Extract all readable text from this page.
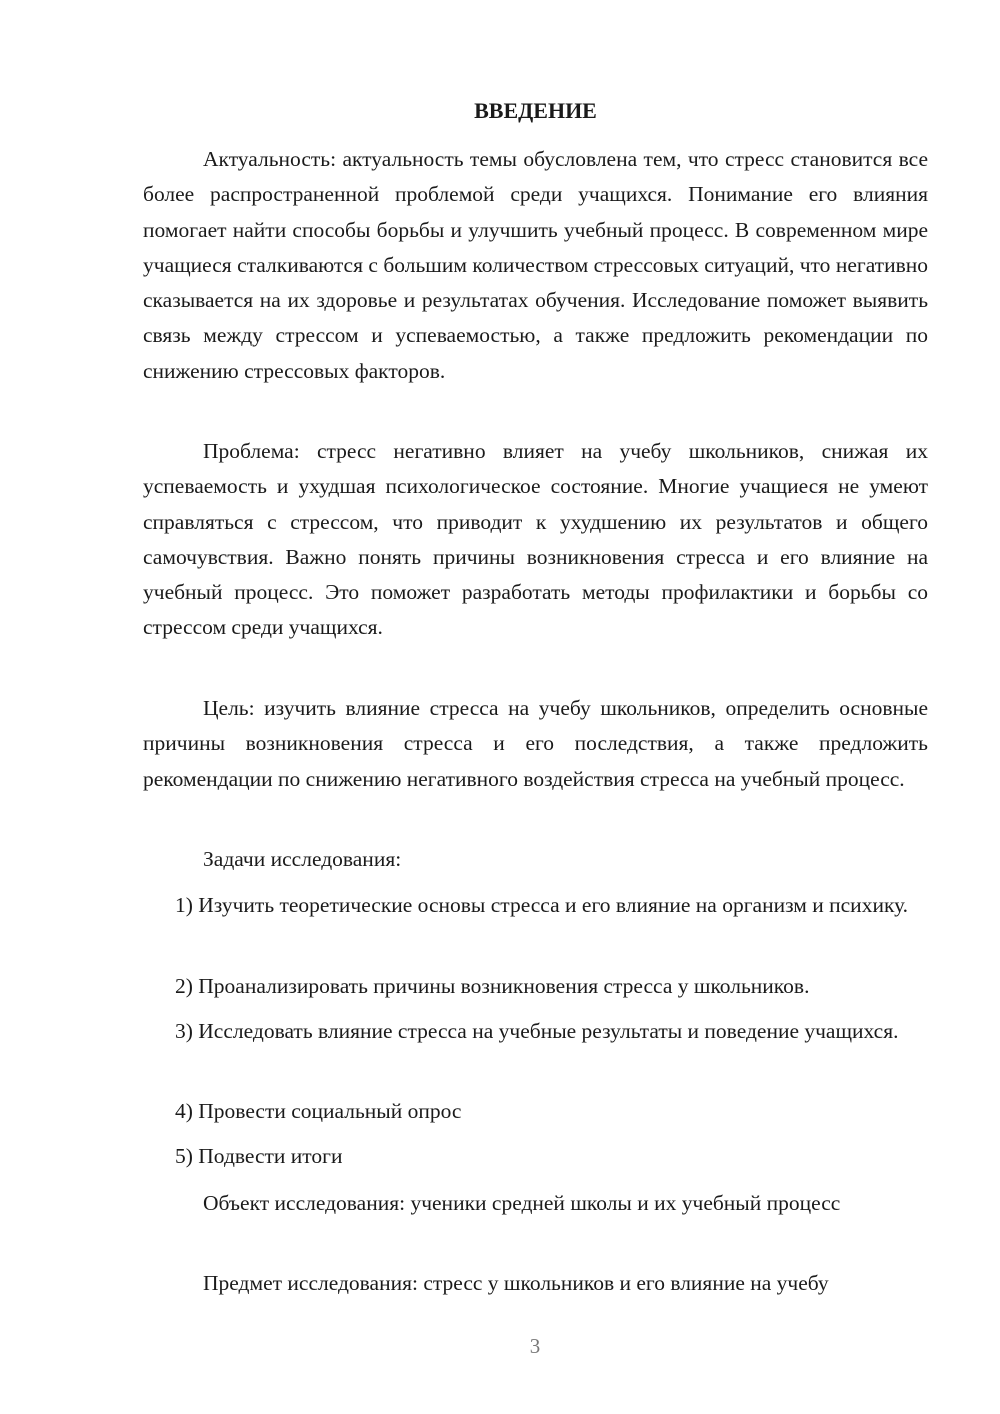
ВВЕДЕНИЕ

Актуальность: актуальность темы обусловлена тем, что стресс становится все более распространенной проблемой среди учащихся. Понимание его влияния помогает найти способы борьбы и улучшить учебный процесс. В современном мире учащиеся сталкиваются с большим количеством стрессовых ситуаций, что негативно сказывается на их здоровье и результатах обучения. Исследование поможет выявить связь между стрессом и успеваемостью, а также предложить рекомендации по снижению стрессовых факторов.

Проблема: стресс негативно влияет на учебу школьников, снижая их успеваемость и ухудшая психологическое состояние. Многие учащиеся не умеют справляться с стрессом, что приводит к ухудшению их результатов и общего самочувствия. Важно понять причины возникновения стресса и его влияние на учебный процесс. Это поможет разработать методы профилактики и борьбы со стрессом среди учащихся.

Цель: изучить влияние стресса на учебу школьников, определить основные причины возникновения стресса и его последствия, а также предложить рекомендации по снижению негативного воздействия стресса на учебный процесс.

Задачи исследования:

1) Изучить теоретические основы стресса и его влияние на организм и психику.

2) Проанализировать причины возникновения стресса у школьников.

3) Исследовать влияние стресса на учебные результаты и поведение учащихся.

4) Провести социальный опрос

5) Подвести итоги

Объект исследования: ученики средней школы и их учебный процесс

Предмет исследования: стресс у школьников и его влияние на учебу

3
